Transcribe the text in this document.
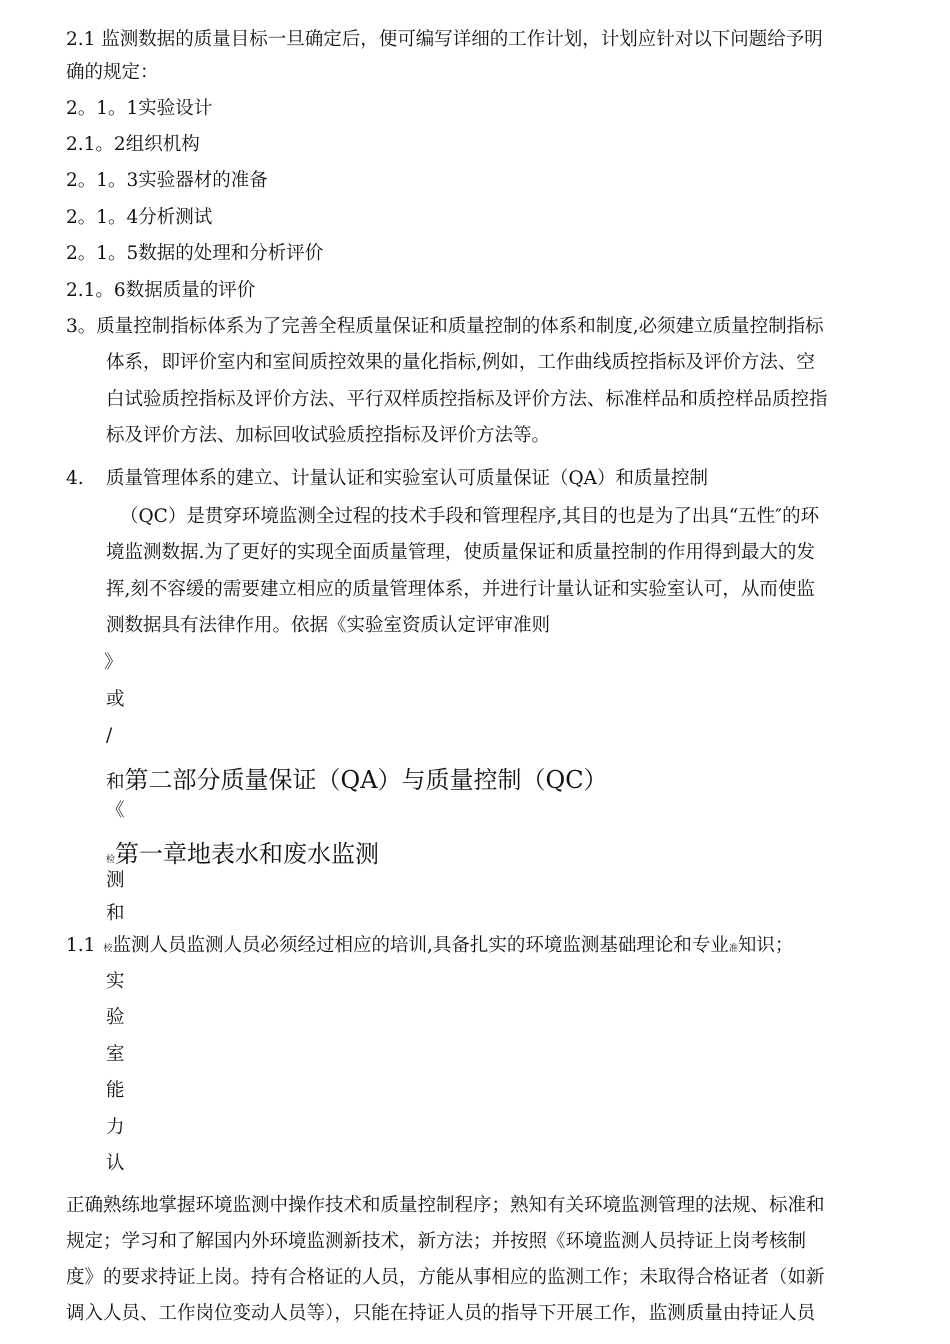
2.1 监测数据的质量目标一旦确定后，便可编写详细的工作计划，计划应针对以下问题给予明
确的规定：
2。1。1实验设计
2.1。2组织机构
2。1。3实验器材的准备
2。1。4分析测试
2。1。5数据的处理和分析评价
2.1。6数据质量的评价
3。质量控制指标体系为了完善全程质量保证和质量控制的体系和制度,必须建立质量控制指标
体系，即评价室内和室间质控效果的量化指标,例如，工作曲线质控指标及评价方法、空
白试验质控指标及评价方法、平行双样质控指标及评价方法、标准样品和质控样品质控指
标及评价方法、加标回收试验质控指标及评价方法等。
4. 质量管理体系的建立、计量认证和实验室认可质量保证（QA）和质量控制
（QC）是贯穿环境监测全过程的技术手段和管理程序,其目的也是为了出具“五性″的环
境监测数据.为了更好的实现全面质量管理，使质量保证和质量控制的作用得到最大的发
挥,刻不容缓的需要建立相应的质量管理体系，并进行计量认证和实验室认可，从而使监
测数据具有法律作用。依据《实验室资质认定评审准则
》
或
/
和第二部分质量保证（QA）与质量控制（QC）
《
检第一章地表水和废水监测
测
和
1.1 校监测人员监测人员必须经过相应的培训,具备扎实的环境监测基础理论和专业准知识；
实
验
室
能
力
认
正确熟练地掌握环境监测中操作技术和质量控制程序；熟知有关环境监测管理的法规、标准和
规定；学习和了解国内外环境监测新技术，新方法；并按照《环境监测人员持证上岗考核制
度》的要求持证上岗。持有合格证的人员，方能从事相应的监测工作；未取得合格证者（如新
调入人员、工作岗位变动人员等），只能在持证人员的指导下开展工作，监测质量由持证人员
